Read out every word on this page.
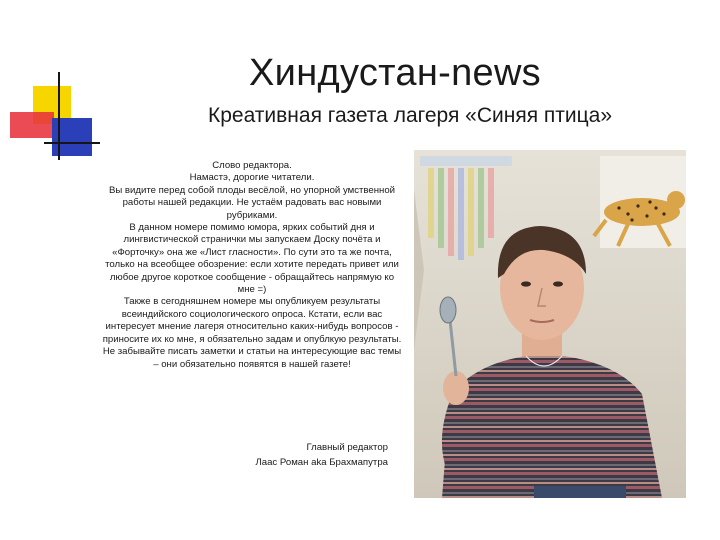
Хиндустан-news
Креативная газета лагеря «Синяя птица»

Слово редактора.

Намастэ, дорогие читатели.

Вы видите перед собой плоды весёлой, но упорной умственной работы нашей редакции. Не устаём радовать вас новыми рубриками.

В данном номере помимо юмора, ярких событий дня и лингвистической странички мы запускаем Доску почёта и «Форточку» она же «Лист гласности». По сути это та же почта, только на всеобщее обозрение: если хотите передать привет или любое другое короткое сообщение - обращайтесь напрямую ко мне =)

Также в сегодняшнем номере мы опубликуем результаты всеиндийского социологического опроса. Кстати, если вас интересует мнение лагеря относительно каких-нибудь вопросов - приносите их ко мне, я обязательно задам и опублкую результаты.

Не забывайте писать заметки и статьи на интересующие вас темы – они обязательно появятся в нашей газете!

Главный редактор

Лаас Роман aka Брахмапутра
